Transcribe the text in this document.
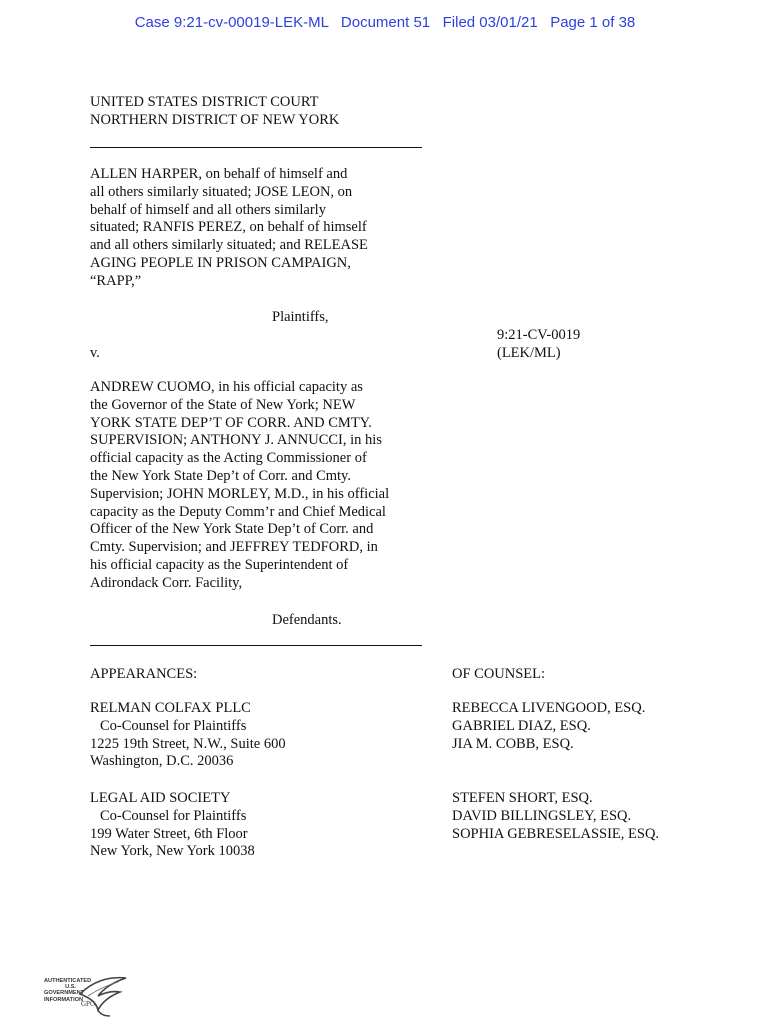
Case 9:21-cv-00019-LEK-ML   Document 51   Filed 03/01/21   Page 1 of 38
UNITED STATES DISTRICT COURT
NORTHERN DISTRICT OF NEW YORK
ALLEN HARPER, on behalf of himself and
all others similarly situated; JOSE LEON, on
behalf of himself and all others similarly
situated; RANFIS PEREZ, on behalf of himself
and all others similarly situated; and RELEASE
AGING PEOPLE IN PRISON CAMPAIGN,
“RAPP,”
Plaintiffs,
9:21-CV-0019
(LEK/ML)
v.
ANDREW CUOMO, in his official capacity as
the Governor of the State of New York; NEW
YORK STATE DEP’T OF CORR. AND CMTY.
SUPERVISION; ANTHONY J. ANNUCCI, in his
official capacity as the Acting Commissioner of
the New York State Dep’t of Corr. and Cmty.
Supervision; JOHN MORLEY, M.D., in his official
capacity as the Deputy Comm’r and Chief Medical
Officer of the New York State Dep’t of Corr. and
Cmty. Supervision; and JEFFREY TEDFORD, in
his official capacity as the Superintendent of
Adirondack Corr. Facility,
Defendants.
APPEARANCES:	OF COUNSEL:
RELMAN COLFAX PLLC
Co-Counsel for Plaintiffs
1225 19th Street, N.W., Suite 600
Washington, D.C. 20036
REBECCA LIVENGOOD, ESQ.
GABRIEL DIAZ, ESQ.
JIA M. COBB, ESQ.
LEGAL AID SOCIETY
Co-Counsel for Plaintiffs
199 Water Street, 6th Floor
New York, New York 10038
STEFEN SHORT, ESQ.
DAVID BILLINGSLEY, ESQ.
SOPHIA GEBRESELASSIE, ESQ.
AUTHENTICATED
U.S. GOVERNMENT
INFORMATION
GPO
